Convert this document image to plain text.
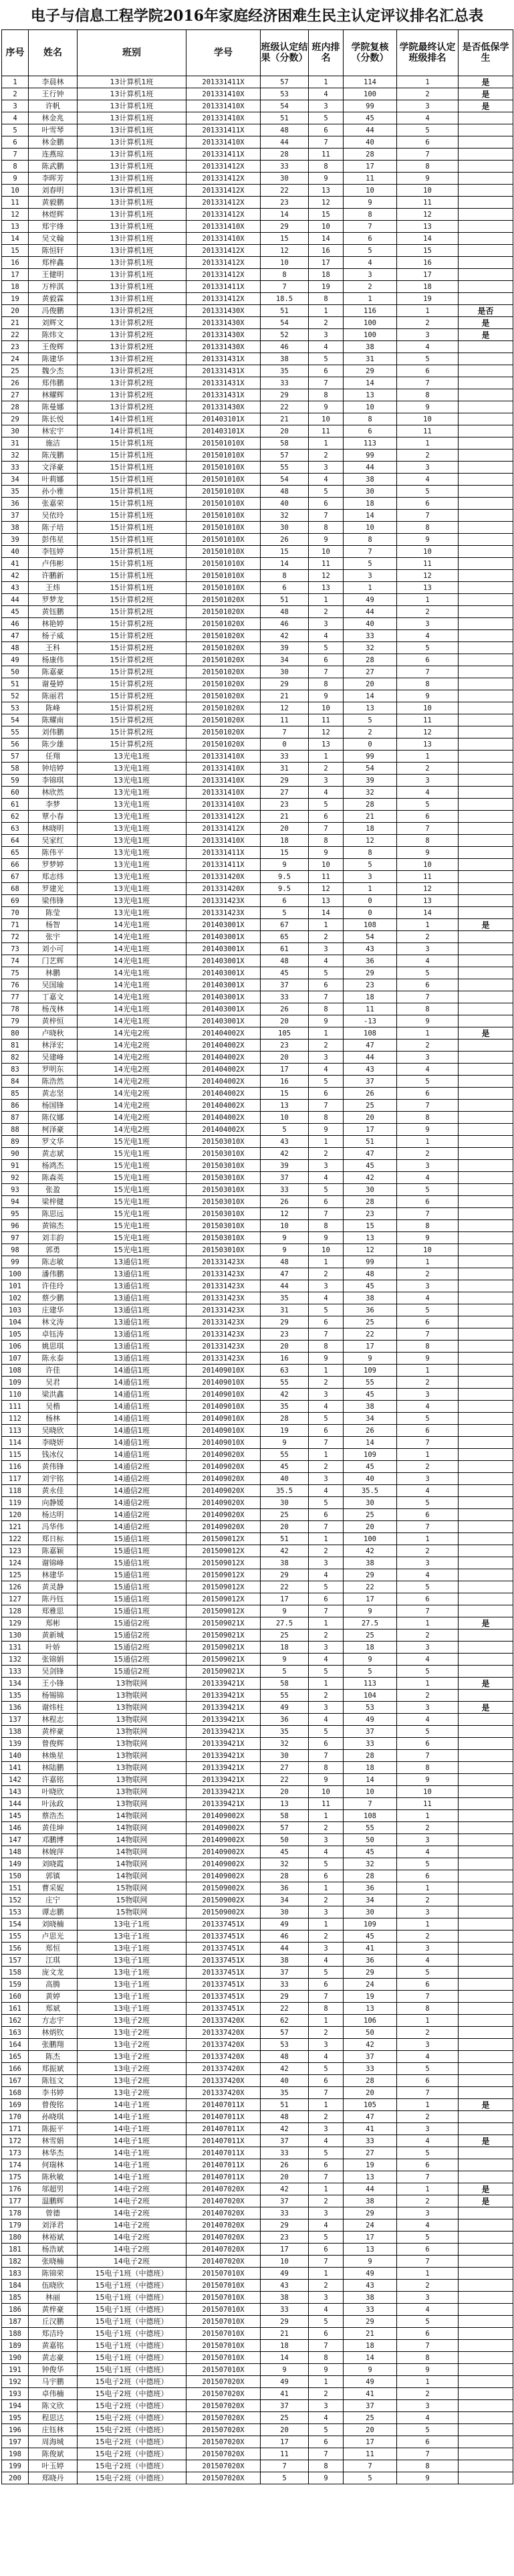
电子与信息工程学院2016年家庭经济困难生民主认定评议排名汇总表
序号	姓名	班别	学号	班级认定结果（分数）	班内排名	学院复核（分数）	学院最终认定班级排名	是否低保学生
1	李晨林	13计算机1班	201331411X	57	1	114	1	是
2	王行钟	13计算机1班	201331410X	53	4	100	2	是
3	许帆	13计算机1班	201331410X	54	3	99	3	是
4	林金兆	13计算机1班	201331410X	51	5	45	4	
5	叶雪琴	13计算机1班	201331411X	48	6	44	5	
6	林金鹏	13计算机1班	201331410X	44	7	40	6	
7	连燕琼	13计算机1班	201331411X	28	11	28	7	
8	陈武鹏	13计算机1班	201331412X	33	8	17	8	
9	李晖芳	13计算机1班	201331412X	30	9	11	9	
10	刘春明	13计算机1班	201331412X	22	13	10	10	
11	黄毅鹏	13计算机1班	201331412X	23	12	9	11	
12	林煜辉	13计算机1班	201331412X	14	15	8	12	
13	郑宇烽	13计算机1班	201331410X	29	10	7	13	
14	吴文翰	13计算机1班	201331410X	15	14	6	14	
15	陈恒轩	13计算机1班	201331412X	12	16	5	15	
16	郑梓鑫	13计算机1班	201331412X	10	17	4	16	
17	王健明	13计算机1班	201331412X	8	18	3	17	
18	万梓淇	13计算机1班	201331411X	7	19	2	18	
19	黄毅霖	13计算机1班	201331412X	18.5	8	1	19	
20	冯俊鹏	13计算机2班	201331430X	51	1	116	1	是否
21	刘辉文	13计算机2班	201331430X	54	2	100	2	是
22	陈炜文	13计算机2班	201331430X	52	3	100	3	是
23	王俊辉	13计算机2班	201331430X	46	4	38	4	
24	陈建华	13计算机2班	201331431X	38	5	31	5	
25	魏少杰	13计算机2班	201331431X	35	6	29	6	
26	郑伟鹏	13计算机2班	201331431X	33	7	14	7	
27	林耀辉	13计算机2班	201331431X	29	8	13	8	
28	陈曼娜	13计算机2班	201331430X	22	9	10	9	
29	陈长悦	14计算机1班	201403101X	21	10	8	10	
30	林宏宇	14计算机1班	201403101X	20	11	6	11	
31	施洁	15计算机1班	201501010X	58	1	113	1	
32	陈茂鹏	15计算机1班	201501010X	57	2	99	2	
33	文泽豪	15计算机1班	201501010X	55	3	44	3	
34	叶莉娜	15计算机1班	201501010X	54	4	38	4	
35	孙小雅	15计算机1班	201501010X	48	5	30	5	
36	张嘉荣	15计算机1班	201501010X	40	6	18	6	
37	吴依玲	15计算机1班	201501010X	32	7	14	7	
38	陈子培	15计算机1班	201501010X	30	8	10	8	
39	彭伟星	15计算机1班	201501010X	26	9	8	9	
40	李钰婷	15计算机1班	201501010X	15	10	7	10	
41	卢伟彬	15计算机1班	201501010X	14	11	5	11	
42	许鹏新	15计算机1班	201501010X	8	12	3	12	
43	王炜	15计算机1班	201501010X	6	13	1	13	
44	罗梦龙	15计算机2班	201501020X	51	1	49	1	
45	黄钰鹏	15计算机2班	201501020X	48	2	44	2	
46	林艳婷	15计算机2班	201501020X	46	3	40	3	
47	杨子威	15计算机2班	201501020X	42	4	33	4	
48	王科	15计算机2班	201501020X	39	5	32	5	
49	杨康伟	15计算机2班	201501020X	34	6	28	6	
50	陈嘉豪	15计算机2班	201501020X	30	7	27	7	
51	谢曼婷	15计算机2班	201501020X	29	8	20	8	
52	陈丽君	15计算机2班	201501020X	21	9	14	9	
53	陈峰	15计算机2班	201501020X	12	10	13	10	
54	陈耀南	15计算机2班	201501020X	11	11	5	11	
55	刘伟鹏	15计算机2班	201501020X	7	12	2	12	
56	陈少雄	15计算机2班	201501020X	0	13	0	13	
57	任翔	13光电1班	201331410X	33	1	99	1	
58	钟培婷	13光电1班	201331410X	31	2	54	2	
59	李锦琪	13光电1班	201331410X	29	3	39	3	
60	林欣然	13光电1班	201331410X	27	4	32	4	
61	李梦	13光电1班	201331410X	23	5	28	5	
62	覃小春	13光电1班	201331412X	21	6	21	6	
63	林晓明	13光电1班	201331412X	20	7	18	7	
64	吴家红	13光电1班	201331410X	18	8	12	8	
65	陈伟平	13光电1班	201331411X	15	9	8	9	
66	罗梦婷	13光电1班	201331411X	9	10	5	10	
67	郑志炜	13光电1班	201331420X	9.5	11	3	11	
68	罗建光	13光电1班	201331420X	9.5	12	1	12	
69	梁伟锋	13光电1班	201331423X	6	13	0	13	
70	陈莹	13光电1班	201331423X	5	14	0	14	
71	杨智	14光电1班	201403001X	67	1	108	1	是
72	张宇	14光电1班	201403001X	65	2	54	2	
73	刘小可	14光电1班	201403001X	61	3	43	3	
74	门艺辉	14光电1班	201403001X	48	4	36	4	
75	林鹏	14光电1班	201403001X	45	5	29	5	
76	吴国瑜	14光电1班	201403001X	37	6	23	6	
77	丁嘉文	14光电1班	201403001X	33	7	18	7	
78	杨茂林	14光电1班	201403001X	26	8	11	8	
79	黄梓恒	14光电1班	201403001X	20	9	-13	9	
80	卢晓秋	14光电2班	201404002X	105	1	108	1	是
81	林泽宏	14光电2班	201404002X	23	2	47	2	
82	吴建峰	14光电2班	201404002X	20	3	44	3	
83	罗明东	14光电2班	201404002X	17	4	43	4	
84	陈浩然	14光电2班	201404002X	16	5	37	5	
85	黄志坚	14光电2班	201404002X	15	6	26	6	
86	杨国锋	14光电2班	201404002X	13	7	25	7	
87	陈仪娜	14光电2班	201404002X	10	8	20	8	
88	柯泽豪	14光电2班	201404002X	5	9	17	9	
89	罗文华	15光电1班	201503010X	43	1	51	1	
90	黄志斌	15光电1班	201503010X	42	2	47	2	
91	杨鸿杰	15光电1班	201503010X	39	3	45	3	
92	陈森英	15光电1班	201503010X	37	4	42	4	
93	张盈	15光电1班	201503010X	33	5	30	5	
94	梁梓健	15光电1班	201503010X	26	6	28	6	
95	陈思远	15光电1班	201503010X	12	7	23	7	
96	黄锦杰	15光电1班	201503010X	10	8	15	8	
97	刘丰韵	15光电1班	201503010X	9	9	13	9	
98	郭勇	15光电1班	201503010X	9	10	12	10	
99	陈志敏	13通信1班	201331423X	48	1	99	1	
100	潘伟鹏	13通信1班	201331423X	47	2	48	2	
101	许佳玲	13通信1班	201331423X	44	3	45	3	
102	蔡少鹏	13通信1班	201331423X	35	4	38	4	
103	庄建华	13通信1班	201331423X	31	5	36	5	
104	林文涛	13通信1班	201331423X	29	6	25	6	
105	卓钰涛	13通信1班	201331423X	23	7	22	7	
106	姚思琪	13通信1班	201331423X	20	8	17	8	
107	陈永泰	13通信1班	201331423X	16	9	9	9	
108	许佳	14通信1班	201409010X	63	1	109	1	
109	吴君	14通信1班	201409010X	55	2	55	2	
110	梁洪鑫	14通信1班	201409010X	42	3	45	3	
111	吴楷	14通信1班	201409010X	35	4	38	4	
112	杨林	14通信1班	201409010X	28	5	34	5	
113	吴晓欣	14通信1班	201409010X	19	6	26	6	
114	李晓妍	14通信1班	201409010X	9	7	14	7	
115	钱冰仪	14通信1班	201409020X	55	1	109	1	
116	黄伟锋	14通信2班	201409020X	45	2	45	2	
117	刘宇铭	14通信2班	201409020X	40	3	40	3	
118	黄永佳	14通信2班	201409020X	35.5	4	35.5	4	
119	向静媛	14通信2班	201409020X	30	5	30	5	
120	杨达明	14通信2班	201409020X	25	6	25	6	
121	冯华伟	14通信2班	201409020X	20	7	20	7	
122	郑日标	15通信1班	201509012X	51	1	100	1	
123	陈嘉颖	15通信1班	201509012X	42	2	42	2	
124	谢锦峰	15通信1班	201509012X	38	3	38	3	
125	林建华	15通信1班	201509012X	29	4	29	4	
126	黄灵静	15通信1班	201509012X	22	5	22	5	
127	陈丹钰	15通信1班	201509012X	17	6	17	6	
128	郑雅思	15通信1班	201509012X	9	7	9	7	
129	郑彬	15通信2班	201509021X	27.5	1	27.5	1	是
130	黄新城	15通信2班	201509021X	25	2	25	2	
131	叶娇	15通信2班	201509021X	18	3	18	3	
132	张锦娟	15通信2班	201509021X	9	4	9	4	
133	吴剑锋	15通信2班	201509021X	5	5	5	5	
134	王小锋	13物联网	201339421X	58	1	113	1	是
135	杨锡锦	13物联网	201339421X	55	2	104	2	
136	谢炜柱	13物联网	201339421X	49	3	53	3	是
137	林程志	13物联网	201339421X	36	4	49	4	
138	黄梓豪	13物联网	201339421X	35	5	37	5	
139	曾俊辉	13物联网	201339421X	32	6	33	6	
140	林焕星	13物联网	201339421X	30	7	28	7	
141	林陆鹏	13物联网	201339421X	27	8	18	8	
142	许嘉铭	13物联网	201339421X	22	9	14	9	
143	叶晓欣	13物联网	201339421X	20	10	10	10	
144	叶泳政	13物联网	201339421X	13	11	7	11	
145	蔡浩杰	14物联网	201409002X	58	1	108	1	
146	黄佳坤	14物联网	201409002X	57	2	55	2	
147	邓鹏博	14物联网	201409002X	50	3	50	3	
148	林婉萍	14物联网	201409002X	45	4	45	4	
149	刘晓霞	14物联网	201409002X	32	5	32	5	
150	郭镇	14物联网	201409002X	28	6	28	6	
151	曹采妮	15物联网	201509002X	36	1	36	1	
152	庄宁	15物联网	201509002X	34	2	34	2	
153	谭志鹏	15物联网	201509002X	30	3	30	3	
154	刘晓楠	13电子1班	201337451X	49	1	109	1	
155	卢思光	13电子1班	201337451X	46	2	45	2	
156	郑恒	13电子1班	201337451X	44	3	41	3	
157	江琪	13电子1班	201337451X	38	4	36	4	
158	庞文龙	13电子1班	201337451X	37	5	29	5	
159	高腾	13电子1班	201337451X	33	6	24	6	
160	黄婷	13电子1班	201337451X	29	7	19	7	
161	郑斌	13电子1班	201337451X	22	8	13	8	
162	方志宇	13电子2班	201337420X	62	1	106	1	
163	林炳钦	13电子2班	201337420X	57	2	50	2	
164	张鹏翔	13电子2班	201337420X	53	3	42	3	
165	陈杰	13电子2班	201337420X	48	4	37	4	
166	郑振斌	13电子2班	201337420X	42	5	33	5	
167	陈钰文	13电子2班	201337420X	40	6	28	6	
168	李书婷	13电子2班	201337420X	35	7	20	7	
169	曾俊铭	14电子1班	201407011X	51	1	105	1	是
170	孙晓琪	14电子1班	201407011X	48	2	47	2	
171	陈振平	14电子1班	201407011X	42	3	41	3	
172	林雪娟	14电子1班	201407011X	37	4	33	4	是
173	林华杰	14电子1班	201407011X	33	5	27	5	
174	何瑞林	14电子1班	201407011X	26	6	19	6	
175	陈秋敏	14电子1班	201407011X	20	7	13	7	
176	邬超男	14电子2班	201407020X	42	1	44	1	是
177	温鹏辉	14电子2班	201407020X	37	2	38	2	是
178	曾德	14电子2班	201407020X	33	3	29	3	
179	刘泽君	14电子2班	201407020X	29	4	24	4	
180	林裕斌	14电子2班	201407020X	23	5	17	5	
181	杨浩斌	14电子2班	201407020X	17	6	13	6	
182	张晓楠	14电子2班	201407020X	10	7	9	7	
183	陈锦荣	15电子1班（中德班）	201507010X	49	1	49	1	
184	伍晓欣	15电子1班（中德班）	201507010X	43	2	43	2	
185	林丽	15电子1班（中德班）	201507010X	38	3	38	3	
186	黄梓豪	15电子1班（中德班）	201507010X	33	4	33	4	
187	丘汉鹏	15电子1班（中德班）	201507010X	29	5	29	5	
188	郑洁玲	15电子1班（中德班）	201507010X	21	6	21	6	
189	黄嘉铭	15电子1班（中德班）	201507010X	18	7	18	7	
190	黄志豪	15电子1班（中德班）	201507010X	14	8	14	8	
191	钟俊华	15电子1班（中德班）	201507010X	9	9	9	9	
192	马宇鹏	15电子2班（中德班）	201507020X	49	1	49	1	
193	卓伟楠	15电子2班（中德班）	201507020X	41	2	41	2	
194	陈文欣	15电子2班（中德班）	201507020X	37	3	37	3	
195	程思达	15电子2班（中德班）	201507020X	25	4	25	4	
196	庄钰林	15电子2班（中德班）	201507020X	20	5	20	5	
197	周海城	15电子2班（中德班）	201507020X	17	6	17	6	
198	陈俊斌	15电子2班（中德班）	201507020X	11	7	11	7	
199	叶玉婷	15电子2班（中德班）	201507020X	7	8	7	8	
200	郑晓丹	15电子2班（中德班）	201507020X	5	9	5	9	
